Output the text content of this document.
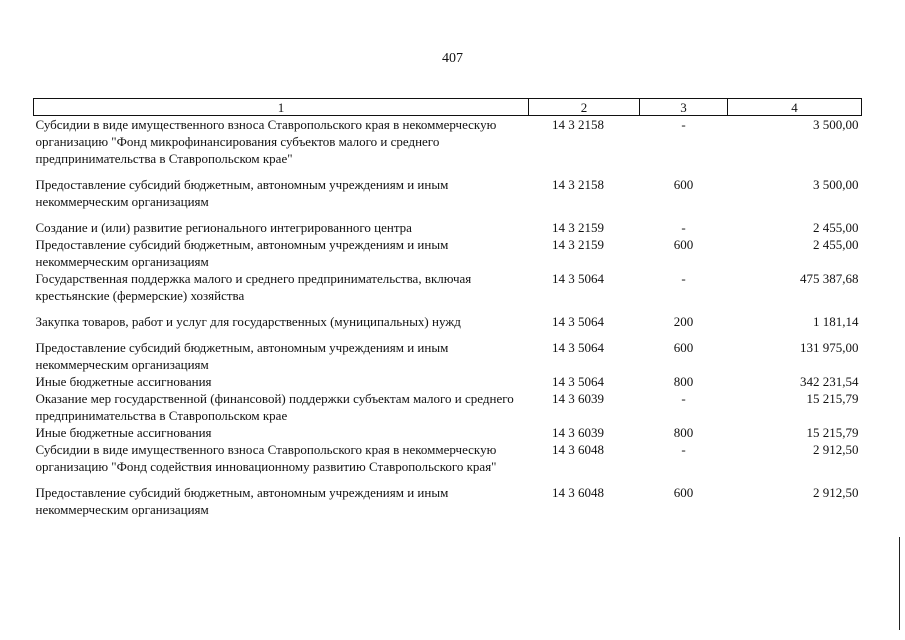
407
1	2	3	4
Субсидии в виде имущественного взноса Ставропольского края в некоммерческую организацию "Фонд микрофинансирования субъектов малого и среднего предпринимательства в Ставропольском крае"	14 3 2158	-	3 500,00
Предоставление субсидий бюджетным, автономным учреждениям и иным некоммерческим организациям	14 3 2158	600	3 500,00
Создание и (или) развитие регионального интегрированного центра	14 3 2159	-	2 455,00
Предоставление субсидий бюджетным, автономным учреждениям и иным некоммерческим организациям	14 3 2159	600	2 455,00
Государственная поддержка малого и среднего предпринимательства, включая крестьянские (фермерские) хозяйства	14 3 5064	-	475 387,68
Закупка товаров, работ и услуг для государственных (муниципальных) нужд	14 3 5064	200	1 181,14
Предоставление субсидий бюджетным, автономным учреждениям и иным некоммерческим организациям	14 3 5064	600	131 975,00
Иные бюджетные ассигнования	14 3 5064	800	342 231,54
Оказание мер государственной (финансовой) поддержки субъектам малого и среднего предпринимательства в Ставропольском крае	14 3 6039	-	15 215,79
Иные бюджетные ассигнования	14 3 6039	800	15 215,79
Субсидии в виде имущественного взноса Ставропольского края в некоммерческую организацию "Фонд содействия инновационному развитию Ставропольского края"	14 3 6048	-	2 912,50
Предоставление субсидий бюджетным, автономным учреждениям и иным некоммерческим организациям	14 3 6048	600	2 912,50
